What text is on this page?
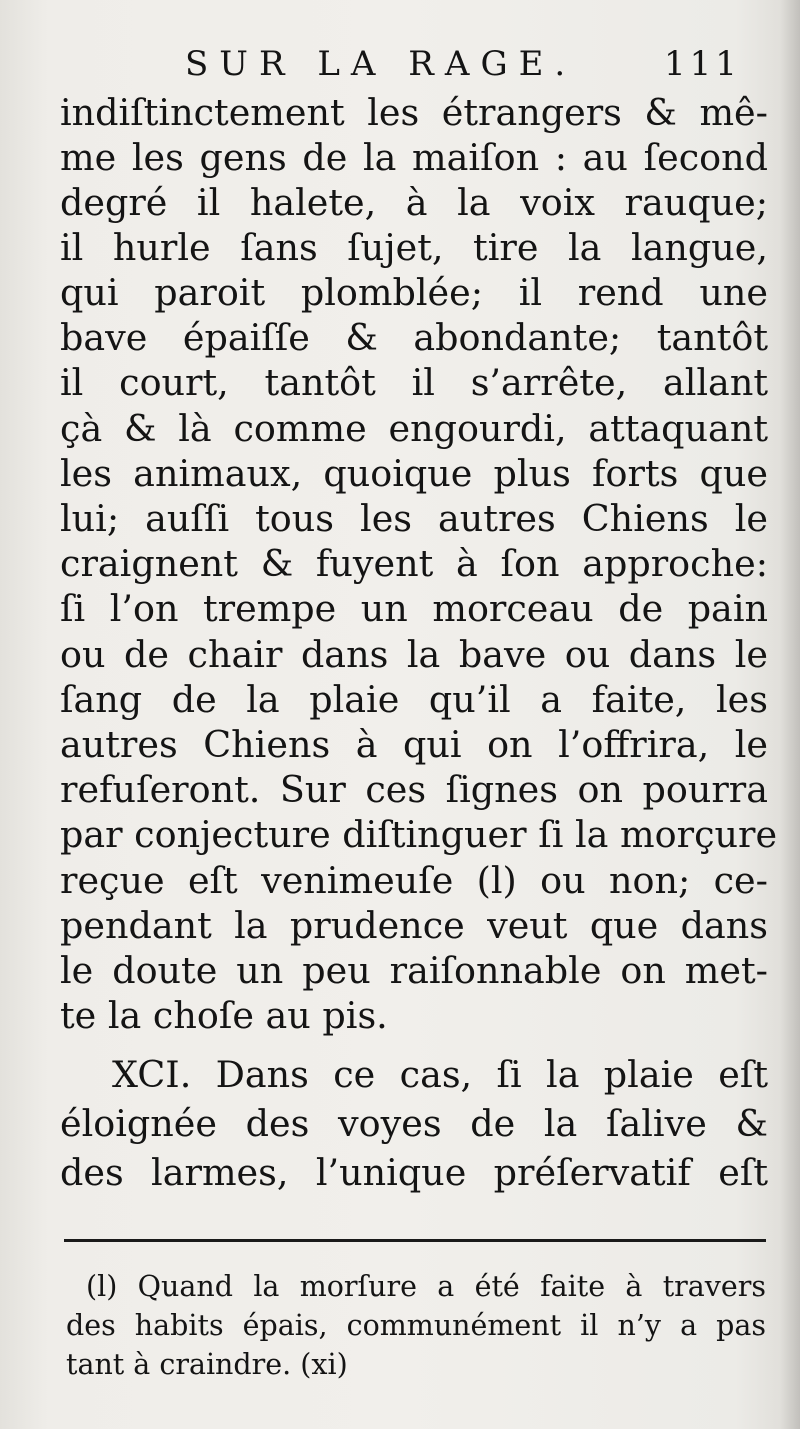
SUR LA RAGE.	111
indiſtinctement les étrangers & mê-
me les gens de la maiſon : au ſecond
degré il halete, à la voix rauque;
il hurle ſans ſujet, tire la langue,
qui paroit plomblée; il rend une
bave épaiſſe & abondante; tantôt
il court, tantôt il s’arrête, allant
çà & là comme engourdi, attaquant
les animaux, quoique plus forts que
lui; auſſi tous les autres Chiens le
craignent & fuyent à ſon approche:
ſi l’on trempe un morceau de pain
ou de chair dans la bave ou dans le
ſang de la plaie qu’il a faite, les
autres Chiens à qui on l’offrira, le
refuſeront. Sur ces ſignes on pourra
par conjecture diſtinguer ſi la morçure
reçue eſt venimeuſe (l) ou non; ce-
pendant la prudence veut que dans
le doute un peu raiſonnable on met-
te la choſe au pis.
XCI. Dans ce cas, ſi la plaie eſt
éloignée des voyes de la ſalive &
des larmes, l’unique préſervatif eſt
(l) Quand la morſure a été faite à travers
des habits épais, communément il n’y a pas
tant à craindre. (xi)
